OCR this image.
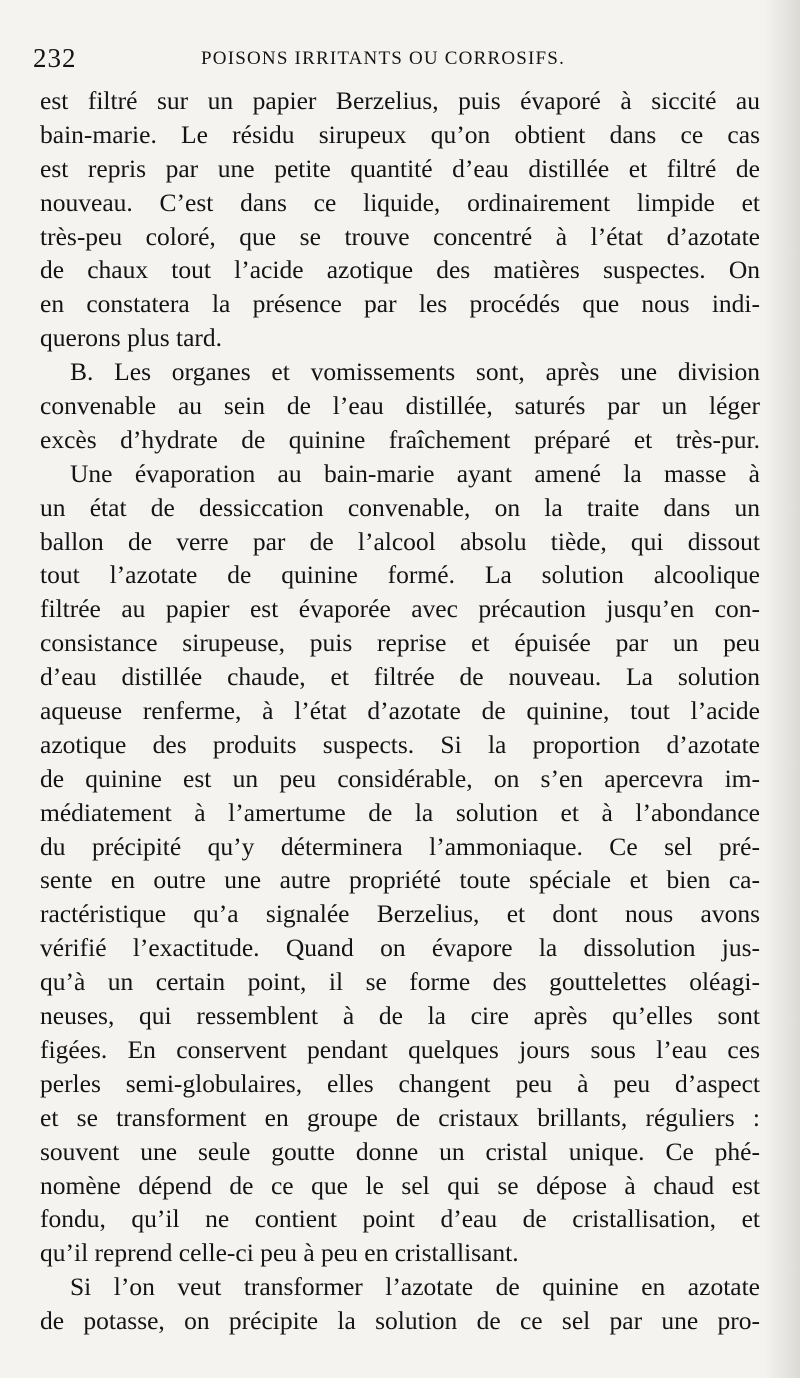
232	POISONS IRRITANTS OU CORROSIFS.
est filtré sur un papier Berzelius, puis évaporé à siccité au
bain-marie. Le résidu sirupeux qu’on obtient dans ce cas
est repris par une petite quantité d’eau distillée et filtré de
nouveau. C’est dans ce liquide, ordinairement limpide et
très-peu coloré, que se trouve concentré à l’état d’azotate
de chaux tout l’acide azotique des matières suspectes. On
en constatera la présence par les procédés que nous indi-
querons plus tard.
B. Les organes et vomissements sont, après une division
convenable au sein de l’eau distillée, saturés par un léger
excès d’hydrate de quinine fraîchement préparé et très-pur.
Une évaporation au bain-marie ayant amené la masse à
un état de dessiccation convenable, on la traite dans un
ballon de verre par de l’alcool absolu tiède, qui dissout
tout l’azotate de quinine formé. La solution alcoolique
filtrée au papier est évaporée avec précaution jusqu’en con-
consistance sirupeuse, puis reprise et épuisée par un peu
d’eau distillée chaude, et filtrée de nouveau. La solution
aqueuse renferme, à l’état d’azotate de quinine, tout l’acide
azotique des produits suspects. Si la proportion d’azotate
de quinine est un peu considérable, on s’en apercevra im-
médiatement à l’amertume de la solution et à l’abondance
du précipité qu’y déterminera l’ammoniaque. Ce sel pré-
sente en outre une autre propriété toute spéciale et bien ca-
ractéristique qu’a signalée Berzelius, et dont nous avons
vérifié l’exactitude. Quand on évapore la dissolution jus-
qu’à un certain point, il se forme des gouttelettes oléagi-
neuses, qui ressemblent à de la cire après qu’elles sont
figées. En conservent pendant quelques jours sous l’eau ces
perles semi-globulaires, elles changent peu à peu d’aspect
et se transforment en groupe de cristaux brillants, réguliers :
souvent une seule goutte donne un cristal unique. Ce phé-
nomène dépend de ce que le sel qui se dépose à chaud est
fondu, qu’il ne contient point d’eau de cristallisation, et
qu’il reprend celle-ci peu à peu en cristallisant.
Si l’on veut transformer l’azotate de quinine en azotate
de potasse, on précipite la solution de ce sel par une pro-
